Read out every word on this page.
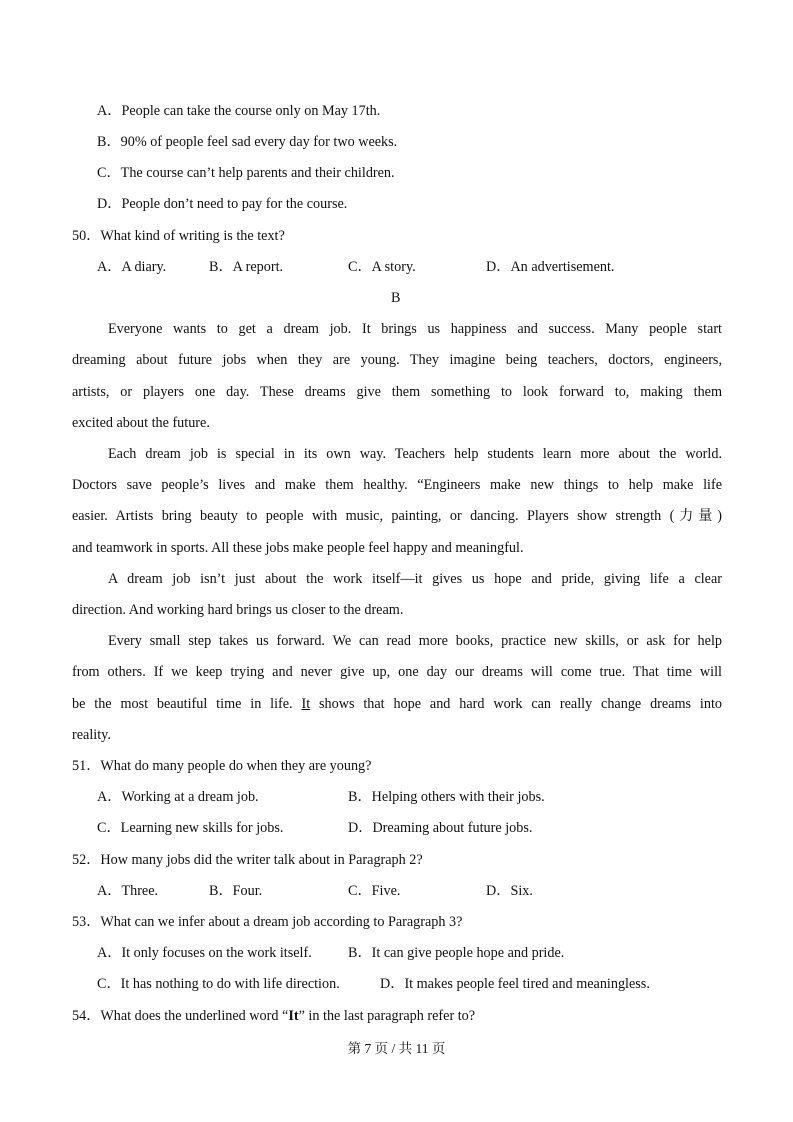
A．People can take the course only on May 17th.
B．90% of people feel sad every day for two weeks.
C．The course can’t help parents and their children.
D．People don’t need to pay for the course.
50．What kind of writing is the text?
A．A diary.	B．A report.	C．A story.	D．An advertisement.
B
Everyone wants to get a dream job. It brings us happiness and success. Many people start
dreaming about future jobs when they are young. They imagine being teachers, doctors, engineers,
artists, or players one day. These dreams give them something to look forward to, making them
excited about the future.
Each dream job is special in its own way. Teachers help students learn more about the world.
Doctors save people’s lives and make them healthy. “Engineers make new things to help make life
easier. Artists bring beauty to people with music, painting, or dancing. Players show strength (力量)
and teamwork in sports. All these jobs make people feel happy and meaningful.
A dream job isn’t just about the work itself—it gives us hope and pride, giving life a clear
direction. And working hard brings us closer to the dream.
Every small step takes us forward. We can read more books, practice new skills, or ask for help
from others. If we keep trying and never give up, one day our dreams will come true. That time will
be the most beautiful time in life. It shows that hope and hard work can really change dreams into
reality.
51．What do many people do when they are young?
A．Working at a dream job.	B．Helping others with their jobs.
C．Learning new skills for jobs.	D．Dreaming about future jobs.
52．How many jobs did the writer talk about in Paragraph 2?
A．Three.	B．Four.	C．Five.	D．Six.
53．What can we infer about a dream job according to Paragraph 3?
A．It only focuses on the work itself.	B．It can give people hope and pride.
C．It has nothing to do with life direction.	D．It makes people feel tired and meaningless.
54．What does the underlined word “It” in the last paragraph refer to?
第 7 页 / 共 11 页
